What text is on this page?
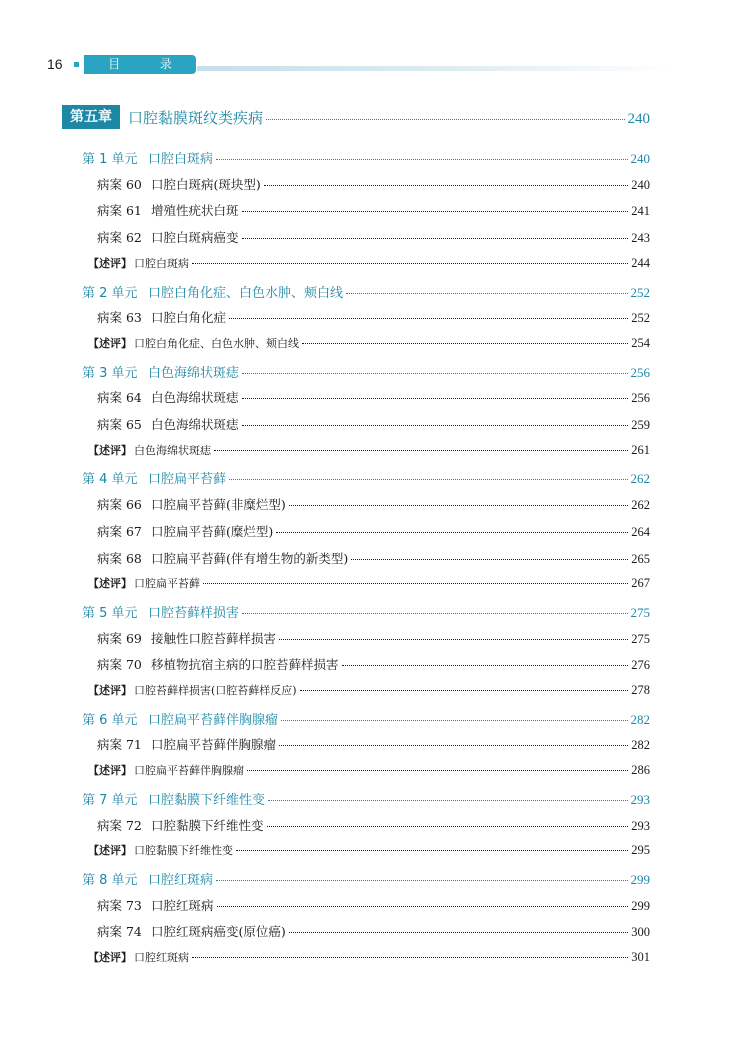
16	目 录
第五章	口腔黏膜斑纹类疾病	240
第 1 单元 口腔白斑病	240
病案 60 口腔白斑病(斑块型)	240
病案 61 增殖性疣状白斑	241
病案 62 口腔白斑病癌变	243
【述评】 口腔白斑病	244
第 2 单元 口腔白角化症、白色水肿、颊白线	252
病案 63 口腔白角化症	252
【述评】 口腔白角化症、白色水肿、颊白线	254
第 3 单元 白色海绵状斑痣	256
病案 64 白色海绵状斑痣	256
病案 65 白色海绵状斑痣	259
【述评】 白色海绵状斑痣	261
第 4 单元 口腔扁平苔藓	262
病案 66 口腔扁平苔藓(非糜烂型)	262
病案 67 口腔扁平苔藓(糜烂型)	264
病案 68 口腔扁平苔藓(伴有增生物的新类型)	265
【述评】 口腔扁平苔藓	267
第 5 单元 口腔苔藓样损害	275
病案 69 接触性口腔苔藓样损害	275
病案 70 移植物抗宿主病的口腔苔藓样损害	276
【述评】 口腔苔藓样损害(口腔苔藓样反应)	278
第 6 单元 口腔扁平苔藓伴胸腺瘤	282
病案 71 口腔扁平苔藓伴胸腺瘤	282
【述评】 口腔扁平苔藓伴胸腺瘤	286
第 7 单元 口腔黏膜下纤维性变	293
病案 72 口腔黏膜下纤维性变	293
【述评】 口腔黏膜下纤维性变	295
第 8 单元 口腔红斑病	299
病案 73 口腔红斑病	299
病案 74 口腔红斑病癌变(原位癌)	300
【述评】 口腔红斑病	301
